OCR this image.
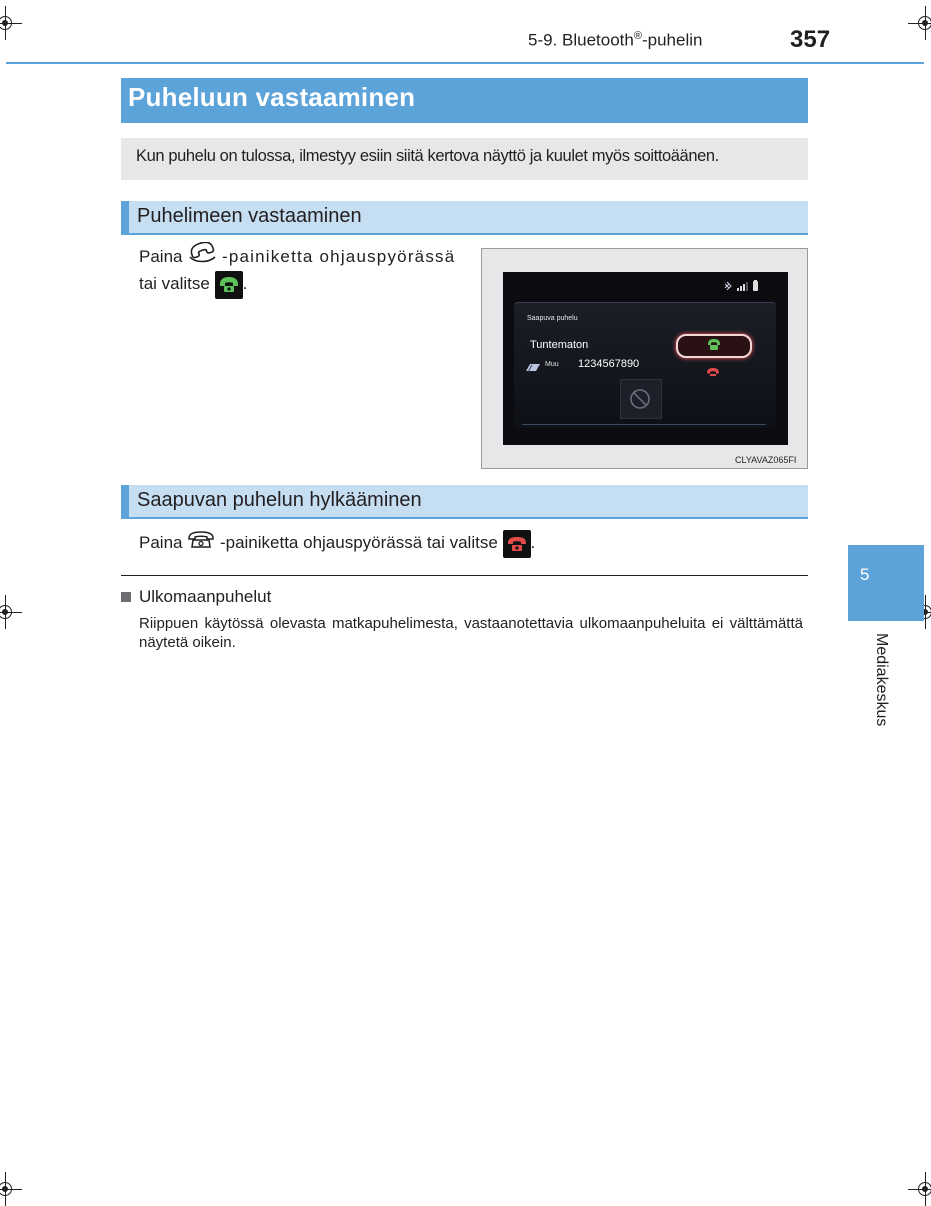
5-9. Bluetooth®-puhelin	357
Puheluun vastaaminen

Kun puhelu on tulossa, ilmestyy esiin siitä kertova näyttö ja kuulet myös soittoäänen.

Puhelimeen vastaaminen
Paina -painiketta ohjauspyörässä
tai valitse .
Saapuva puhelu
Tuntematon
Muu 1234567890
CLYAVAZ065FI
Saapuvan puhelun hylkääminen
Paina -painiketta ohjauspyörässä tai valitse .
Ulkomaanpuhelut
Riippuen käytössä olevasta matkapuhelimesta, vastaanotettavia ulkomaanpuheluita ei välttämättä näytetä oikein.
5
Mediakeskus
